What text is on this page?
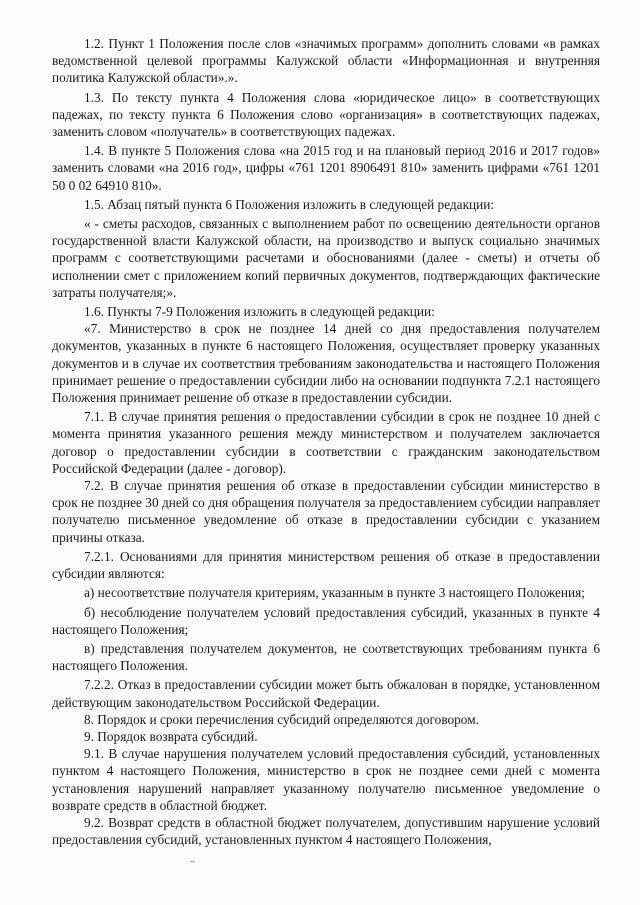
1.2. Пункт 1 Положения после слов «значимых программ» дополнить словами «в рамках ведомственной целевой программы Калужской области «Информационная и внутренняя политика Калужской области».».

1.3. По тексту пункта 4 Положения слова «юридическое лицо» в соответствующих падежах, по тексту пункта 6 Положения слово «организация» в соответствующих падежах, заменить словом «получатель» в соответствующих падежах.

1.4. В пункте 5 Положения слова «на 2015 год и на плановый период 2016 и 2017 годов» заменить словами «на 2016 год», цифры «761 1201 8906491 810» заменить цифрами «761 1201 50 0 02 64910 810».

1.5. Абзац пятый пункта 6 Положения изложить в следующей редакции:

« - сметы расходов, связанных с выполнением работ по освещению деятельности органов государственной власти Калужской области, на производство и выпуск социально значимых программ с соответствующими расчетами и обоснованиями (далее - сметы) и отчеты об исполнении смет с приложением копий первичных документов, подтверждающих фактические затраты получателя;».

1.6. Пункты 7-9 Положения изложить в следующей редакции:

«7. Министерство в срок не позднее 14 дней со дня предоставления получателем документов, указанных в пункте 6 настоящего Положения, осуществляет проверку указанных документов и в случае их соответствия требованиям законодательства и настоящего Положения принимает решение о предоставлении субсидии либо на основании подпункта 7.2.1 настоящего Положения принимает решение об отказе в предоставлении субсидии.

7.1. В случае принятия решения о предоставлении субсидии в срок не позднее 10 дней с момента принятия указанного решения между министерством и получателем заключается договор о предоставлении субсидии в соответствии с гражданским законодательством Российской Федерации (далее - договор).

7.2. В случае принятия решения об отказе в предоставлении субсидии министерство в срок не позднее 30 дней со дня обращения получателя за предоставлением субсидии направляет получателю письменное уведомление об отказе в предоставлении субсидии с указанием причины отказа.

7.2.1. Основаниями для принятия министерством решения об отказе в предоставлении субсидии являются:

а) несоответствие получателя критериям, указанным в пункте 3 настоящего Положения;

б) несоблюдение получателем условий предоставления субсидий, указанных в пункте 4 настоящего Положения;

в) представления получателем документов, не соответствующих требованиям пункта 6 настоящего Положения.

7.2.2. Отказ в предоставлении субсидии может быть обжалован в порядке, установленном действующим законодательством Российской Федерации.

8. Порядок и сроки перечисления субсидий определяются договором.

9. Порядок возврата субсидий.

9.1. В случае нарушения получателем условий предоставления субсидий, установленных пунктом 4 настоящего Положения, министерство в срок не позднее семи дней с момента установления нарушений направляет указанному получателю письменное уведомление о возврате средств в областной бюджет.

9.2. Возврат средств в областной бюджет получателем, допустившим нарушение условий предоставления субсидий, установленных пунктом 4 настоящего Положения,

~
